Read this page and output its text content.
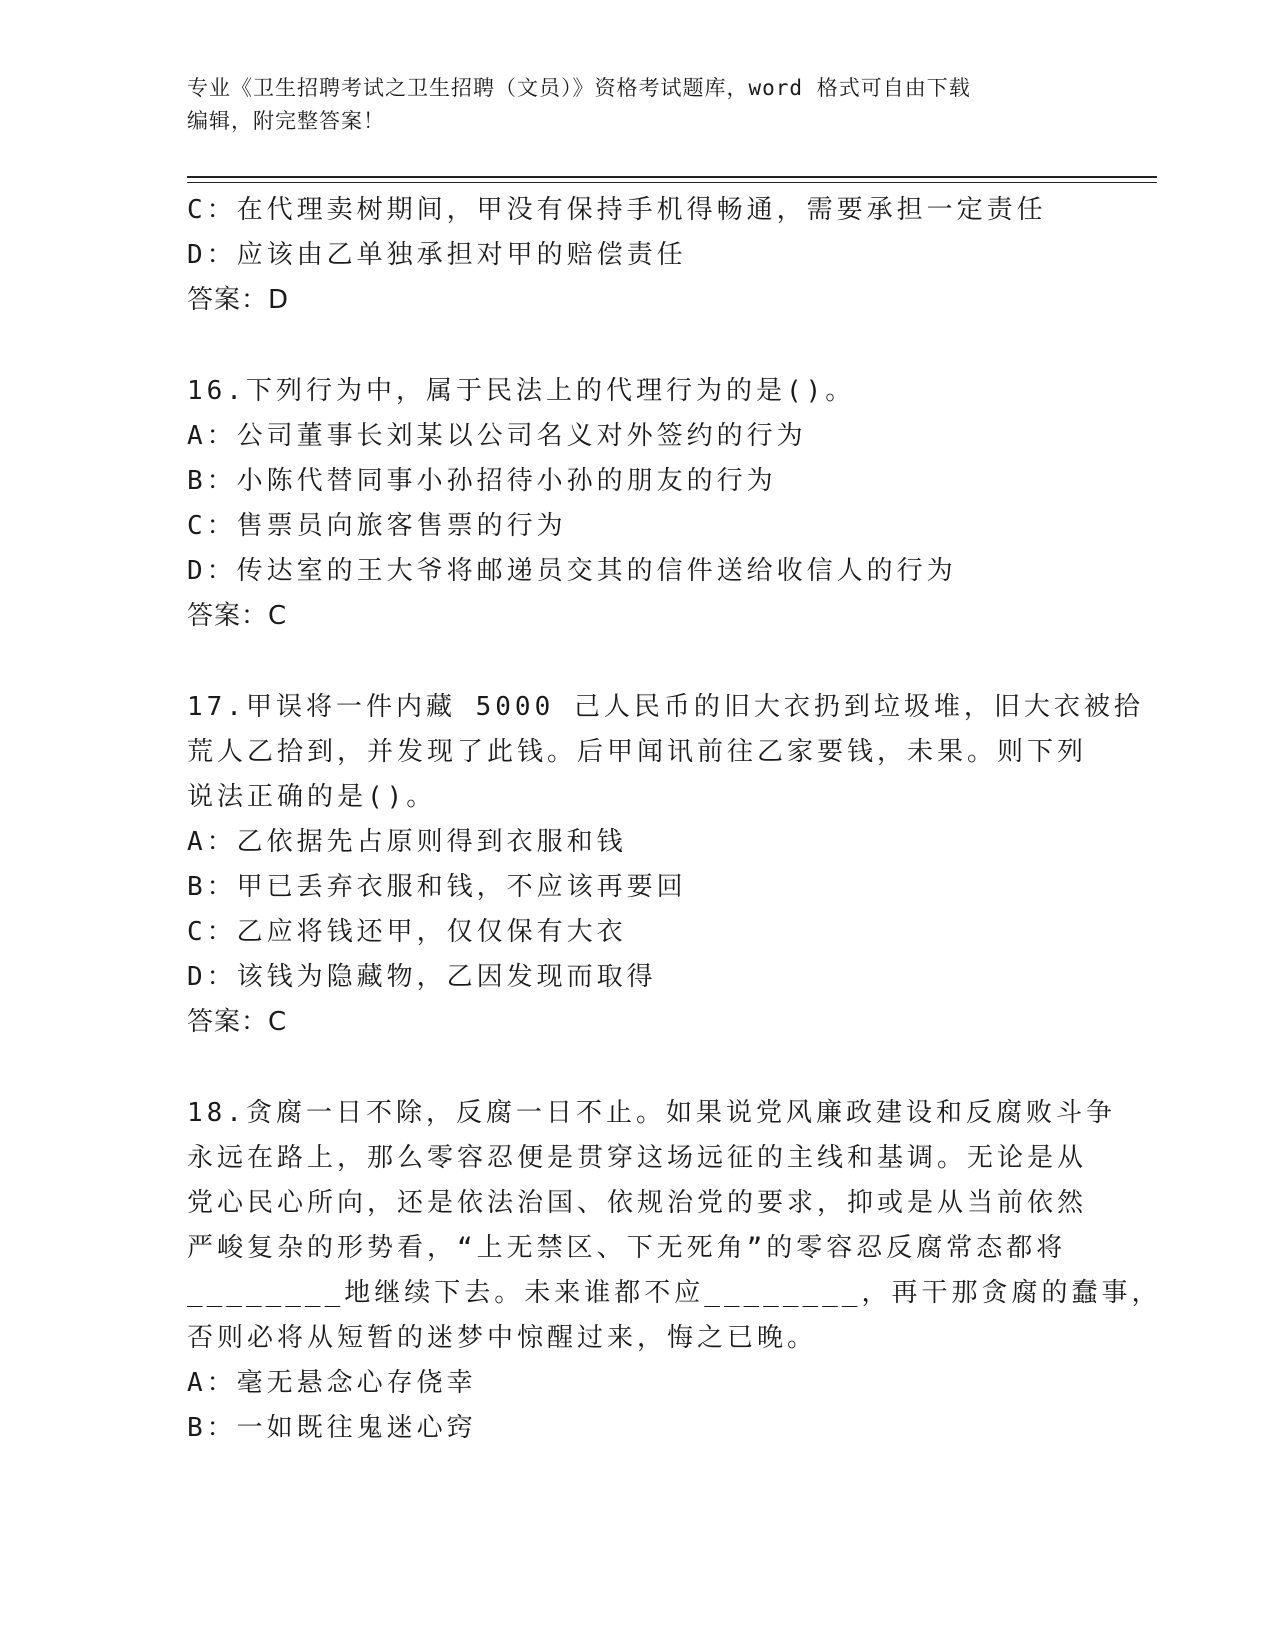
专业《卫生招聘考试之卫生招聘（文员）》资格考试题库，word 格式可自由下载
编辑，附完整答案！
C：在代理卖树期间，甲没有保持手机得畅通，需要承担一定责任
D：应该由乙单独承担对甲的赔偿责任
答案：D
16.下列行为中，属于民法上的代理行为的是()。
A：公司董事长刘某以公司名义对外签约的行为
B：小陈代替同事小孙招待小孙的朋友的行为
C：售票员向旅客售票的行为
D：传达室的王大爷将邮递员交其的信件送给收信人的行为
答案：C
17.甲误将一件内藏 5000 己人民币的旧大衣扔到垃圾堆，旧大衣被拾
荒人乙拾到，并发现了此钱。后甲闻讯前往乙家要钱，未果。则下列
说法正确的是()。
A：乙依据先占原则得到衣服和钱
B：甲已丢弃衣服和钱，不应该再要回
C：乙应将钱还甲，仅仅保有大衣
D：该钱为隐藏物，乙因发现而取得
答案：C
18.贪腐一日不除，反腐一日不止。如果说党风廉政建设和反腐败斗争
永远在路上，那么零容忍便是贯穿这场远征的主线和基调。无论是从
党心民心所向，还是依法治国、依规治党的要求，抑或是从当前依然
严峻复杂的形势看，“上无禁区、下无死角”的零容忍反腐常态都将
________地继续下去。未来谁都不应________，再干那贪腐的蠢事，
否则必将从短暂的迷梦中惊醒过来，悔之已晚。
A：毫无悬念心存侥幸
B：一如既往鬼迷心窍
